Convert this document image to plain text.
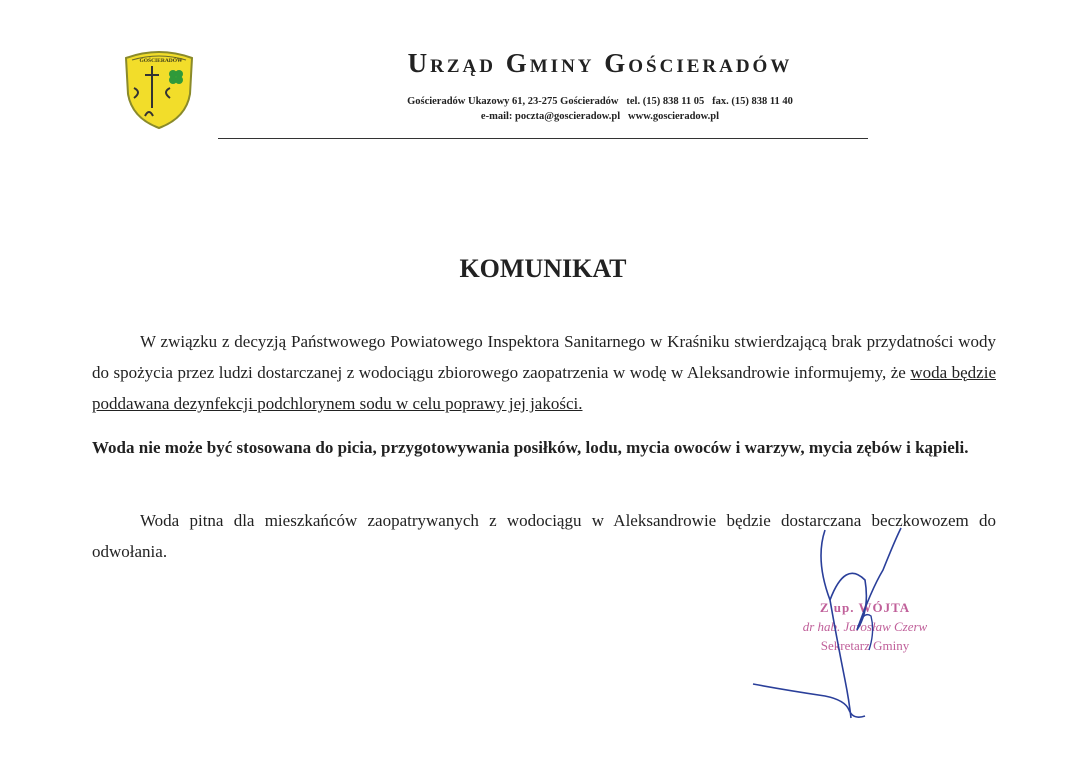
GOŚCIERADÓW	Urząd Gminy Gościeradów
Gościeradów Ukazowy 61, 23-275 Gościeradów tel. (15) 838 11 05 fax. (15) 838 11 40
e-mail: poczta@goscieradow.pl www.goscieradow.pl
KOMUNIKAT
W związku z decyzją Państwowego Powiatowego Inspektora Sanitarnego w Kraśniku stwierdzającą brak przydatności wody do spożycia przez ludzi dostarczanej z wodociągu zbiorowego zaopatrzenia w wodę w Aleksandrowie informujemy, że woda będzie poddawana dezynfekcji podchlorynem sodu w celu poprawy jej jakości.
Woda nie może być stosowana do picia, przygotowywania posiłków, lodu, mycia owoców i warzyw, mycia zębów i kąpieli.
Woda pitna dla mieszkańców zaopatrywanych z wodociągu w Aleksandrowie będzie dostarczana beczkowozem do odwołania.
Z up. WÓJTA
dr hab. Jarosław Czerw
Sekretarz Gminy
